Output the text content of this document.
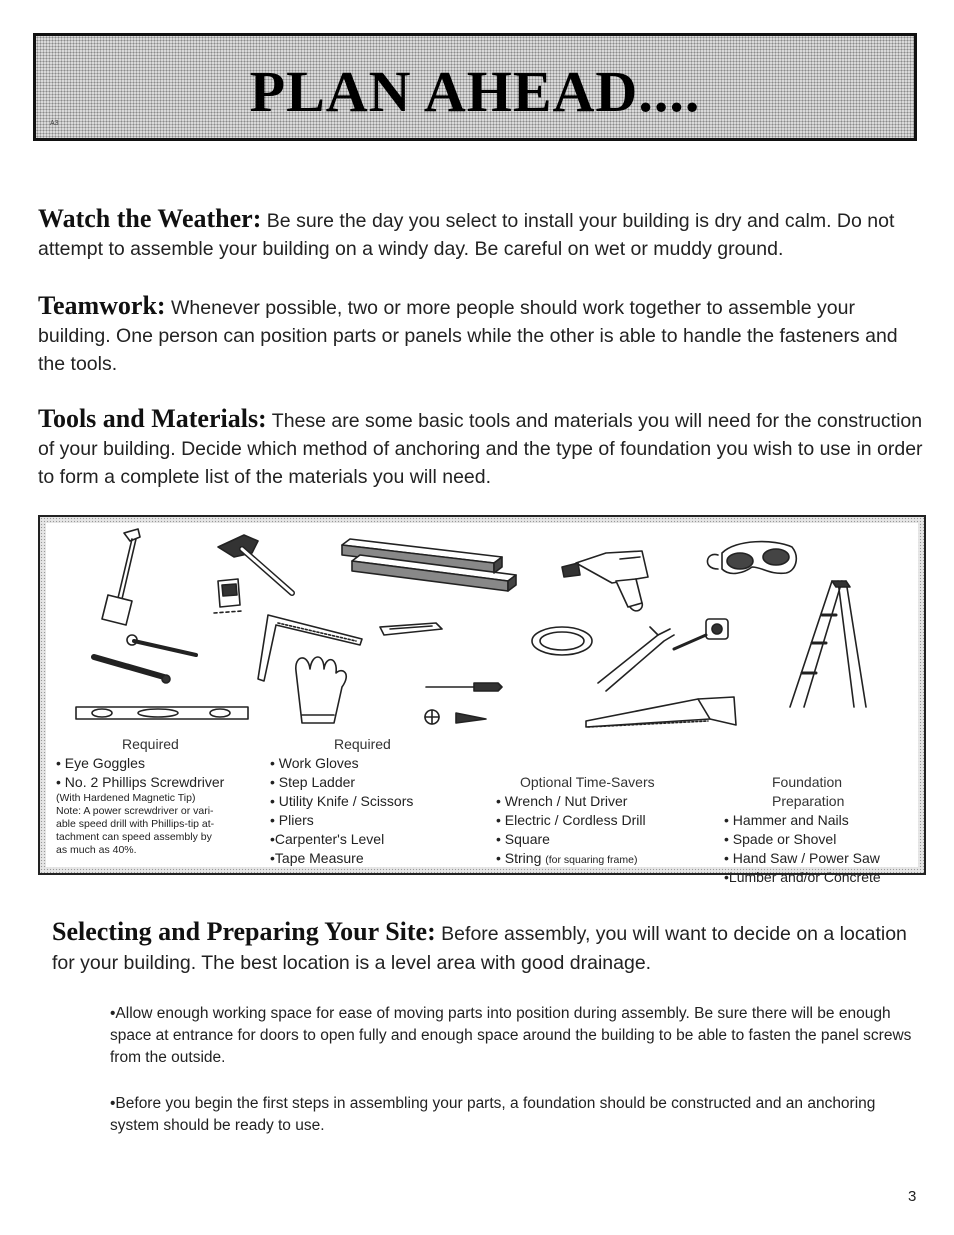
PLAN AHEAD....
A3
Watch the Weather: Be sure the day you select to install your building is dry and calm. Do not attempt to assemble your building on a windy day. Be careful on wet or muddy ground.
Teamwork: Whenever possible, two or more people should work together to assemble your building. One person can position parts or panels while the other is able to handle the fasteners and the tools.
Tools and Materials: These are some basic tools and materials you will need for the construction of your building. Decide which method of anchoring and the type of foundation you wish to use in order to form a complete list of the materials you will need.
Required
• Eye Goggles
• No. 2 Phillips Screwdriver
(With Hardened Magnetic Tip)
Note: A power screwdriver or vari-
able speed drill with Phillips-tip at-
tachment can speed assembly by
as much as 40%.
Required
• Work Gloves
• Step Ladder
• Utility Knife / Scissors
• Pliers
•Carpenter's Level
•Tape Measure
Optional Time-Savers
• Wrench / Nut Driver
• Electric / Cordless Drill
• Square
• String (for squaring frame)
Foundation Preparation
• Hammer and Nails
• Spade or Shovel
• Hand Saw / Power Saw
•Lumber and/or Concrete
Selecting and Preparing Your Site: Before assembly, you will want to decide on a location for your building. The best location is a level area with good drainage.
•Allow enough working space for ease of moving parts into position during assembly. Be sure there will be enough space at entrance for doors to open fully and enough space around the building to be able to fasten the panel screws from the outside.
•Before you begin the first steps in assembling your parts, a foundation should be constructed and an anchoring system should be ready to use.
3
